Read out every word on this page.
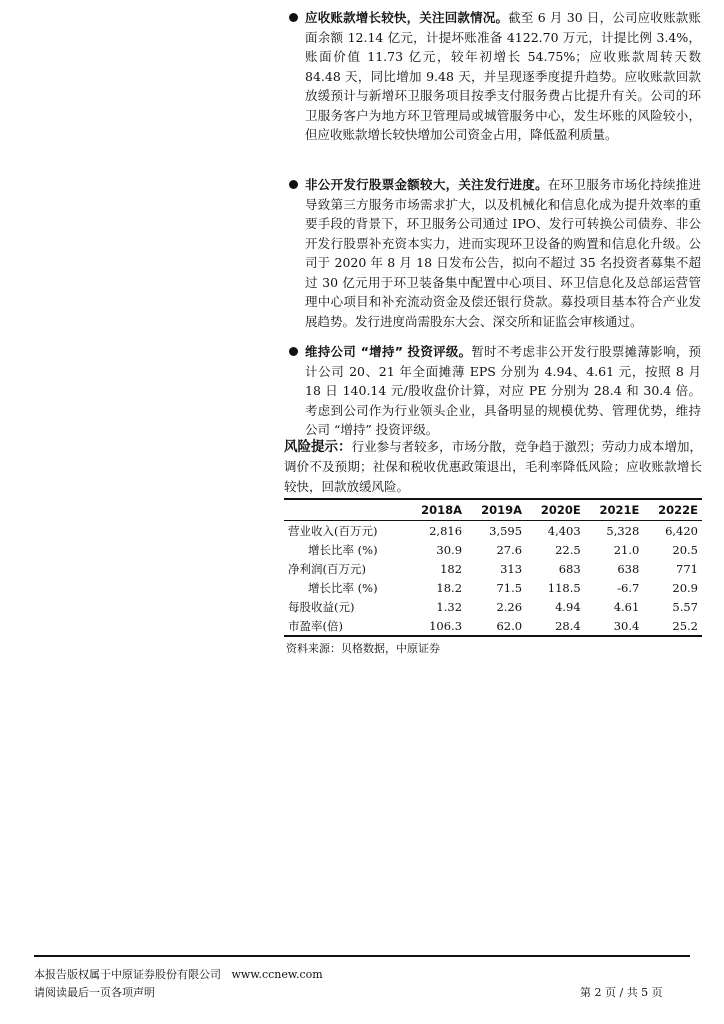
应收账款增长较快，关注回款情况。截至 6 月 30 日，公司应收账款账面余额 12.14 亿元，计提坏账准备 4122.70 万元，计提比例 3.4%，账面价值 11.73 亿元，较年初增长 54.75%；应收账款周转天数 84.48 天，同比增加 9.48 天，并呈现逐季度提升趋势。应收账款回款放缓预计与新增环卫服务项目按季支付服务费占比提升有关。公司的环卫服务客户为地方环卫管理局或城管服务中心，发生坏账的风险较小，但应收账款增长较快增加公司资金占用，降低盈利质量。
非公开发行股票金额较大，关注发行进度。在环卫服务市场化持续推进导致第三方服务市场需求扩大，以及机械化和信息化成为提升效率的重要手段的背景下，环卫服务公司通过 IPO、发行可转换公司债券、非公开发行股票补充资本实力，进而实现环卫设备的购置和信息化升级。公司于 2020 年 8 月 18 日发布公告，拟向不超过 35 名投资者募集不超过 30 亿元用于环卫装备集中配置中心项目、环卫信息化及总部运营管理中心项目和补充流动资金及偿还银行贷款。募投项目基本符合产业发展趋势。发行进度尚需股东大会、深交所和证监会审核通过。
维持公司 “增持” 投资评级。暂时不考虑非公开发行股票摊薄影响，预计公司 20、21 年全面摊薄 EPS 分别为 4.94、4.61 元，按照 8 月 18 日 140.14 元/股收盘价计算，对应 PE 分别为 28.4 和 30.4 倍。考虑到公司作为行业领头企业，具备明显的规模优势、管理优势，维持公司 “增持” 投资评级。
风险提示：行业参与者较多，市场分散，竞争趋于激烈；劳动力成本增加，调价不及预期；社保和税收优惠政策退出，毛利率降低风险；应收账款增长较快，回款放缓风险。
	2018A	2019A	2020E	2021E	2022E
营业收入(百万元)	2,816	3,595	4,403	5,328	6,420
增长比率 (%)	30.9	27.6	22.5	21.0	20.5
净利润(百万元)	182	313	683	638	771
增长比率 (%)	18.2	71.5	118.5	-6.7	20.9
每股收益(元)	1.32	2.26	4.94	4.61	5.57
市盈率(倍)	106.3	62.0	28.4	30.4	25.2
资料来源：贝格数据，中原证券
本报告版权属于中原证券股份有限公司 www.ccnew.com
请阅读最后一页各项声明	第 2 页 / 共 5 页
